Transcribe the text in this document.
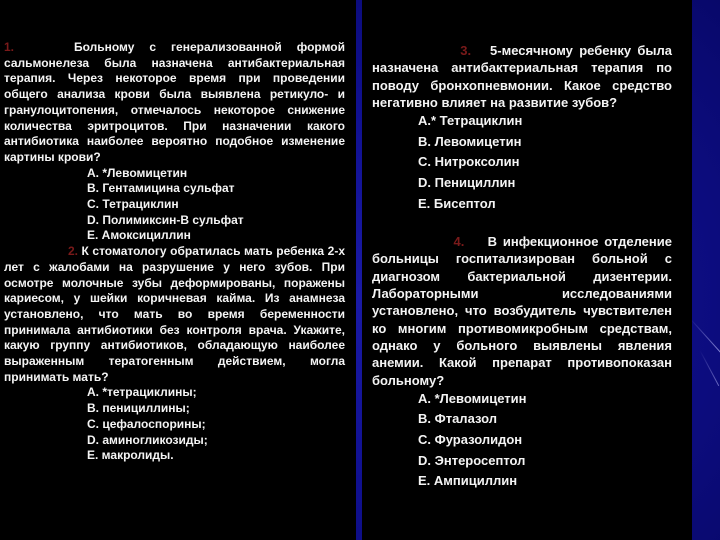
1.	Больному с генерализованной формой сальмонелеза была назначена антибактериальная терапия. Через некоторое время при проведении общего анализа крови была выявлена ретикуло- и гранулоцитопения, отмечалось некоторое снижение количества эритроцитов. При назначении какого антибиотика наиболее вероятно подобное изменение картины крови?

А. *Левомицетин
В. Гентамицина сульфат
С. Тетрациклин
D. Полимиксин-В сульфат
E. Амоксициллин

2. К стоматологу обратилась мать ребенка 2-х лет с жалобами на разрушение у него зубов. При осмотре молочные зубы деформированы, поражены кариесом, у шейки коричневая кайма. Из анамнеза установлено, что мать во время беременности принимала антибиотики без контроля врача. Укажите, какую группу антибиотиков, обладающую наиболее выраженным тератогенным действием, могла принимать мать?

А. *тетрациклины;
В. пенициллины;
С. цефалоспорины;
D. аминогликозиды;
E. макролиды.

3. 5-месячному ребенку была назначена антибактериальная терапия по поводу бронхопневмонии. Какое средство негативно влияет на развитие зубов?

А.* Тетрациклин
В. Левомицетин
С. Нитроксолин
D. Пенициллин
E. Бисептол

4. В инфекционное отделение больницы госпитализирован больной с диагнозом бактериальной дизентерии. Лабораторными исследованиями установлено, что возбудитель чувствителен ко многим противомикробным средствам, однако у больного выявлены явления анемии. Какой препарат противопоказан больному?

А. *Левомицетин
В. Фталазол
С. Фуразолидон
D. Энтеросептол
E. Ампициллин
